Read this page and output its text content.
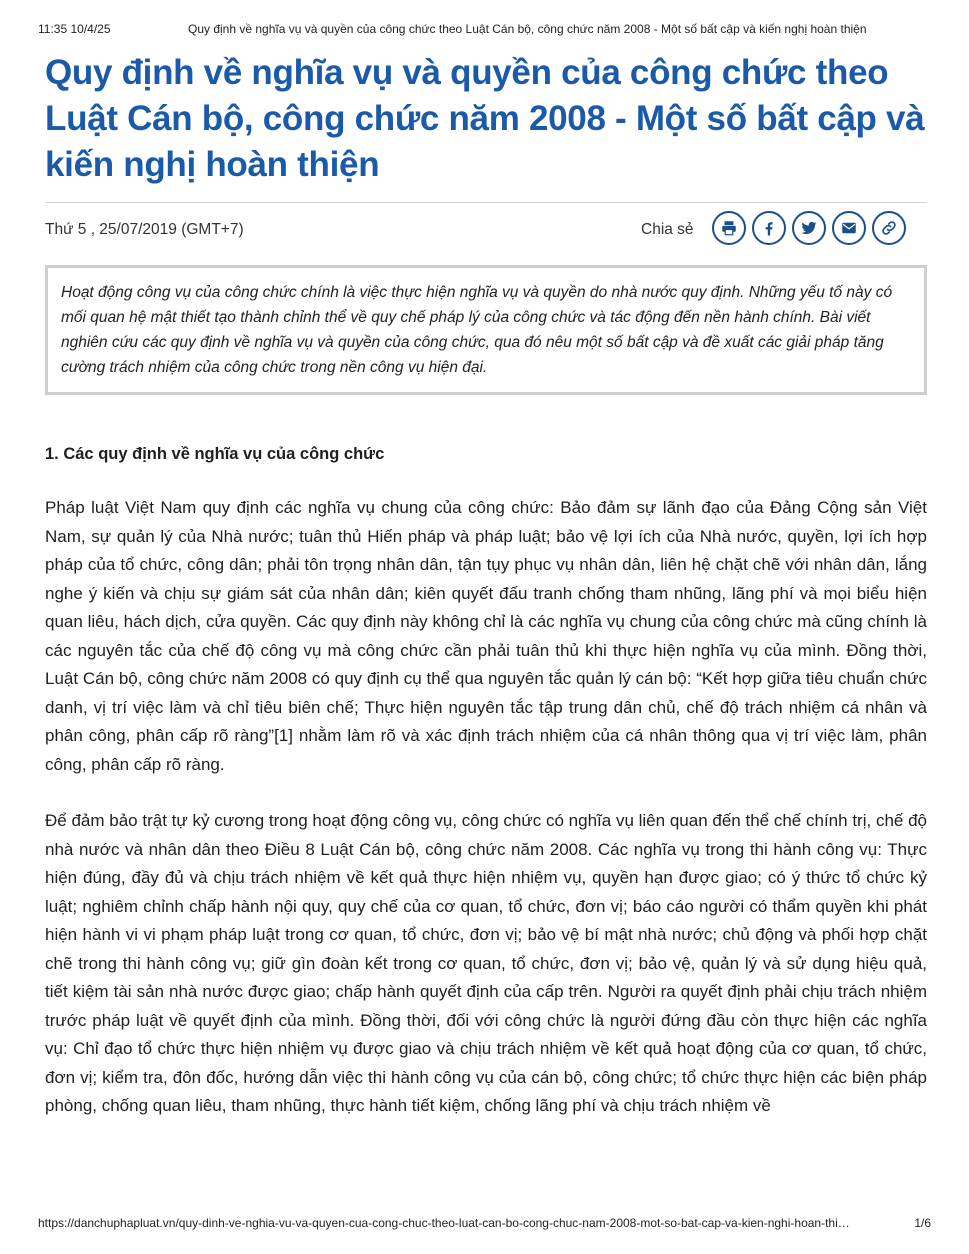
11:35 10/4/25	Quy định về nghĩa vụ và quyền của công chức theo Luật Cán bộ, công chức năm 2008 - Một số bất cập và kiến nghị hoàn thiện
Quy định về nghĩa vụ và quyền của công chức theo Luật Cán bộ, công chức năm 2008 - Một số bất cập và kiến nghị hoàn thiện
Thứ 5 , 25/07/2019 (GMT+7)	Chia sẻ
Hoạt động công vụ của công chức chính là việc thực hiện nghĩa vụ và quyền do nhà nước quy định. Những yếu tố này có mối quan hệ mật thiết tạo thành chỉnh thể về quy chế pháp lý của công chức và tác động đến nền hành chính. Bài viết nghiên cứu các quy định về nghĩa vụ và quyền của công chức, qua đó nêu một số bất cập và đề xuất các giải pháp tăng cường trách nhiệm của công chức trong nền công vụ hiện đại.
1. Các quy định về nghĩa vụ của công chức

Pháp luật Việt Nam quy định các nghĩa vụ chung của công chức: Bảo đảm sự lãnh đạo của Đảng Cộng sản Việt Nam, sự quản lý của Nhà nước; tuân thủ Hiến pháp và pháp luật; bảo vệ lợi ích của Nhà nước, quyền, lợi ích hợp pháp của tổ chức, công dân; phải tôn trọng nhân dân, tận tụy phục vụ nhân dân, liên hệ chặt chẽ với nhân dân, lắng nghe ý kiến và chịu sự giám sát của nhân dân; kiên quyết đấu tranh chống tham nhũng, lãng phí và mọi biểu hiện quan liêu, hách dịch, cửa quyền. Các quy định này không chỉ là các nghĩa vụ chung của công chức mà cũng chính là các nguyên tắc của chế độ công vụ mà công chức cần phải tuân thủ khi thực hiện nghĩa vụ của mình. Đồng thời, Luật Cán bộ, công chức năm 2008 có quy định cụ thể qua nguyên tắc quản lý cán bộ: “Kết hợp giữa tiêu chuẩn chức danh, vị trí việc làm và chỉ tiêu biên chế; Thực hiện nguyên tắc tập trung dân chủ, chế độ trách nhiệm cá nhân và phân công, phân cấp rõ ràng”[1] nhằm làm rõ và xác định trách nhiệm của cá nhân thông qua vị trí việc làm, phân công, phân cấp rõ ràng.

Để đảm bảo trật tự kỷ cương trong hoạt động công vụ, công chức có nghĩa vụ liên quan đến thể chế chính trị, chế độ nhà nước và nhân dân theo Điều 8 Luật Cán bộ, công chức năm 2008. Các nghĩa vụ trong thi hành công vụ: Thực hiện đúng, đầy đủ và chịu trách nhiệm về kết quả thực hiện nhiệm vụ, quyền hạn được giao; có ý thức tổ chức kỷ luật; nghiêm chỉnh chấp hành nội quy, quy chế của cơ quan, tổ chức, đơn vị; báo cáo người có thẩm quyền khi phát hiện hành vi vi phạm pháp luật trong cơ quan, tổ chức, đơn vị; bảo vệ bí mật nhà nước; chủ động và phối hợp chặt chẽ trong thi hành công vụ; giữ gìn đoàn kết trong cơ quan, tổ chức, đơn vị; bảo vệ, quản lý và sử dụng hiệu quả, tiết kiệm tài sản nhà nước được giao; chấp hành quyết định của cấp trên. Người ra quyết định phải chịu trách nhiệm trước pháp luật về quyết định của mình. Đồng thời, đối với công chức là người đứng đầu còn thực hiện các nghĩa vụ: Chỉ đạo tổ chức thực hiện nhiệm vụ được giao và chịu trách nhiệm về kết quả hoạt động của cơ quan, tổ chức, đơn vị; kiểm tra, đôn đốc, hướng dẫn việc thi hành công vụ của cán bộ, công chức; tổ chức thực hiện các biện pháp phòng, chống quan liêu, tham nhũng, thực hành tiết kiệm, chống lãng phí và chịu trách nhiệm về

https://danchuphapluat.vn/quy-dinh-ve-nghia-vu-va-quyen-cua-cong-chuc-theo-luat-can-bo-cong-chuc-nam-2008-mot-so-bat-cap-va-kien-nghi-hoan-thi…	1/6
